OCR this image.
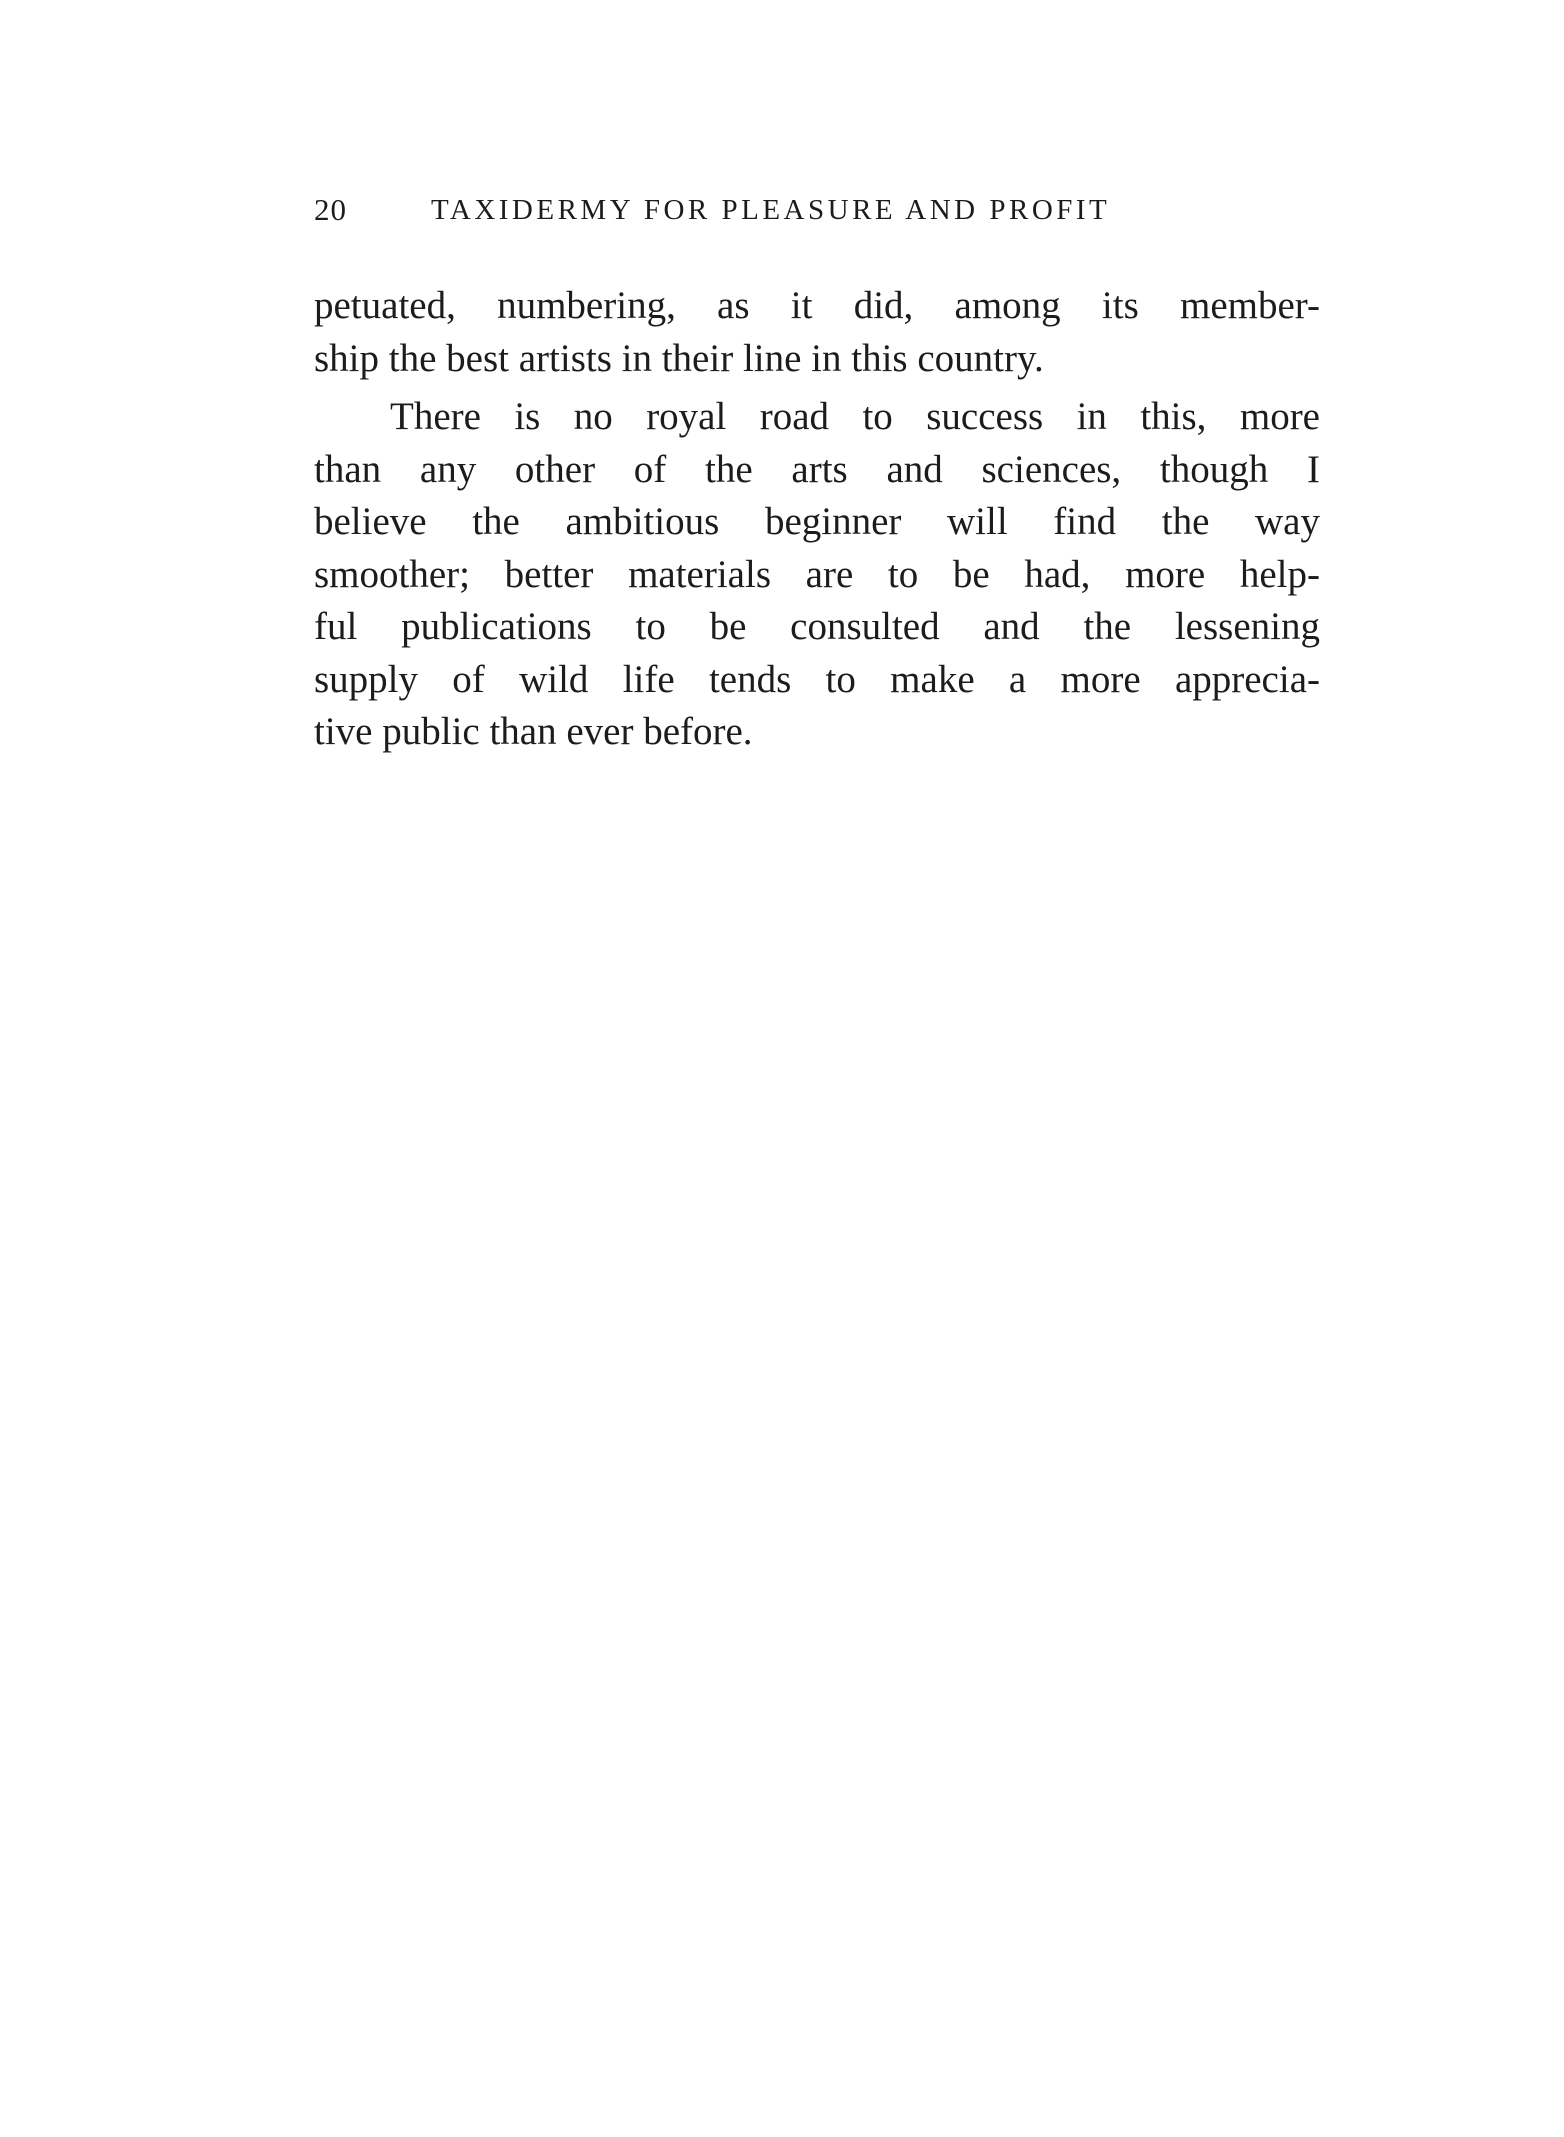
20	TAXIDERMY FOR PLEASURE AND PROFIT
petuated, numbering, as it did, among its member-
ship the best artists in their line in this country.
There is no royal road to success in this, more
than any other of the arts and sciences, though I
believe the ambitious beginner will find the way
smoother; better materials are to be had, more help-
ful publications to be consulted and the lessening
supply of wild life tends to make a more apprecia-
tive public than ever before.
